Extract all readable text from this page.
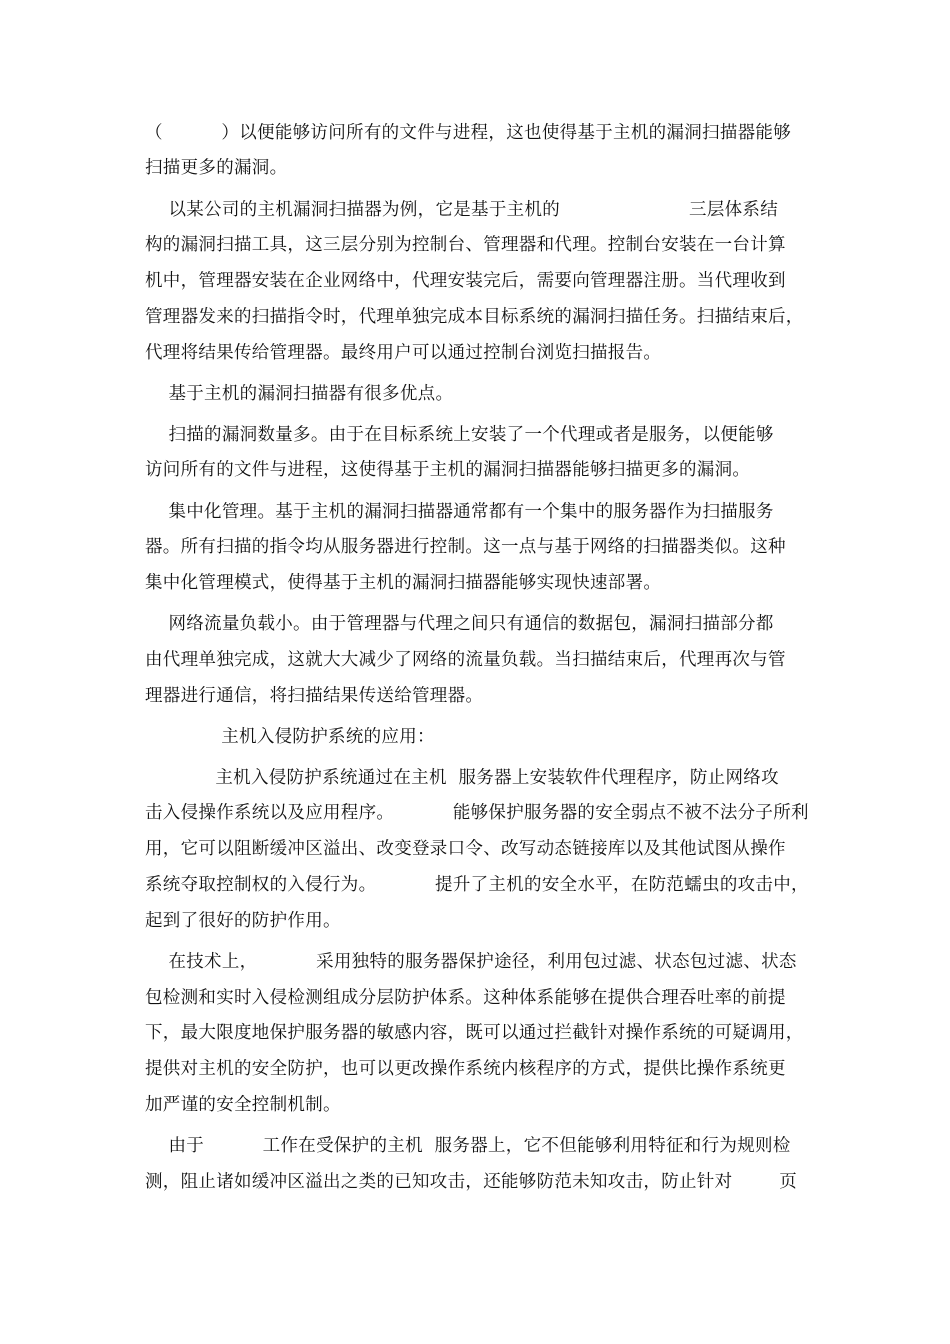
（          ）以便能够访问所有的文件与进程，这也使得基于主机的漏洞扫描器能够
扫描更多的漏洞。
以某公司的主机漏洞扫描器为例，它是基于主机的                      三层体系结
构的漏洞扫描工具，这三层分别为控制台、管理器和代理。控制台安装在一台计算
机中，管理器安装在企业网络中，代理安装完后，需要向管理器注册。当代理收到
管理器发来的扫描指令时，代理单独完成本目标系统的漏洞扫描任务。扫描结束后，
代理将结果传给管理器。最终用户可以通过控制台浏览扫描报告。
基于主机的漏洞扫描器有很多优点。
扫描的漏洞数量多。由于在目标系统上安装了一个代理或者是服务，以便能够
访问所有的文件与进程，这使得基于主机的漏洞扫描器能够扫描更多的漏洞。
集中化管理。基于主机的漏洞扫描器通常都有一个集中的服务器作为扫描服务
器。所有扫描的指令均从服务器进行控制。这一点与基于网络的扫描器类似。这种
集中化管理模式，使得基于主机的漏洞扫描器能够实现快速部署。
网络流量负载小。由于管理器与代理之间只有通信的数据包，漏洞扫描部分都
由代理单独完成，这就大大减少了网络的流量负载。当扫描结束后，代理再次与管
理器进行通信，将扫描结果传送给管理器。
主机入侵防护系统的应用：
主机入侵防护系统通过在主机  服务器上安装软件代理程序，防止网络攻
击入侵操作系统以及应用程序。          能够保护服务器的安全弱点不被不法分子所利
用，它可以阻断缓冲区溢出、改变登录口令、改写动态链接库以及其他试图从操作
系统夺取控制权的入侵行为。          提升了主机的安全水平，在防范蠕虫的攻击中，
起到了很好的防护作用。
在技术上，          采用独特的服务器保护途径，利用包过滤、状态包过滤、状态
包检测和实时入侵检测组成分层防护体系。这种体系能够在提供合理吞吐率的前提
下，最大限度地保护服务器的敏感内容，既可以通过拦截针对操作系统的可疑调用，
提供对主机的安全防护，也可以更改操作系统内核程序的方式，提供比操作系统更
加严谨的安全控制机制。
由于          工作在受保护的主机  服务器上，它不但能够利用特征和行为规则检
测，阻止诸如缓冲区溢出之类的已知攻击，还能够防范未知攻击，防止针对        页
